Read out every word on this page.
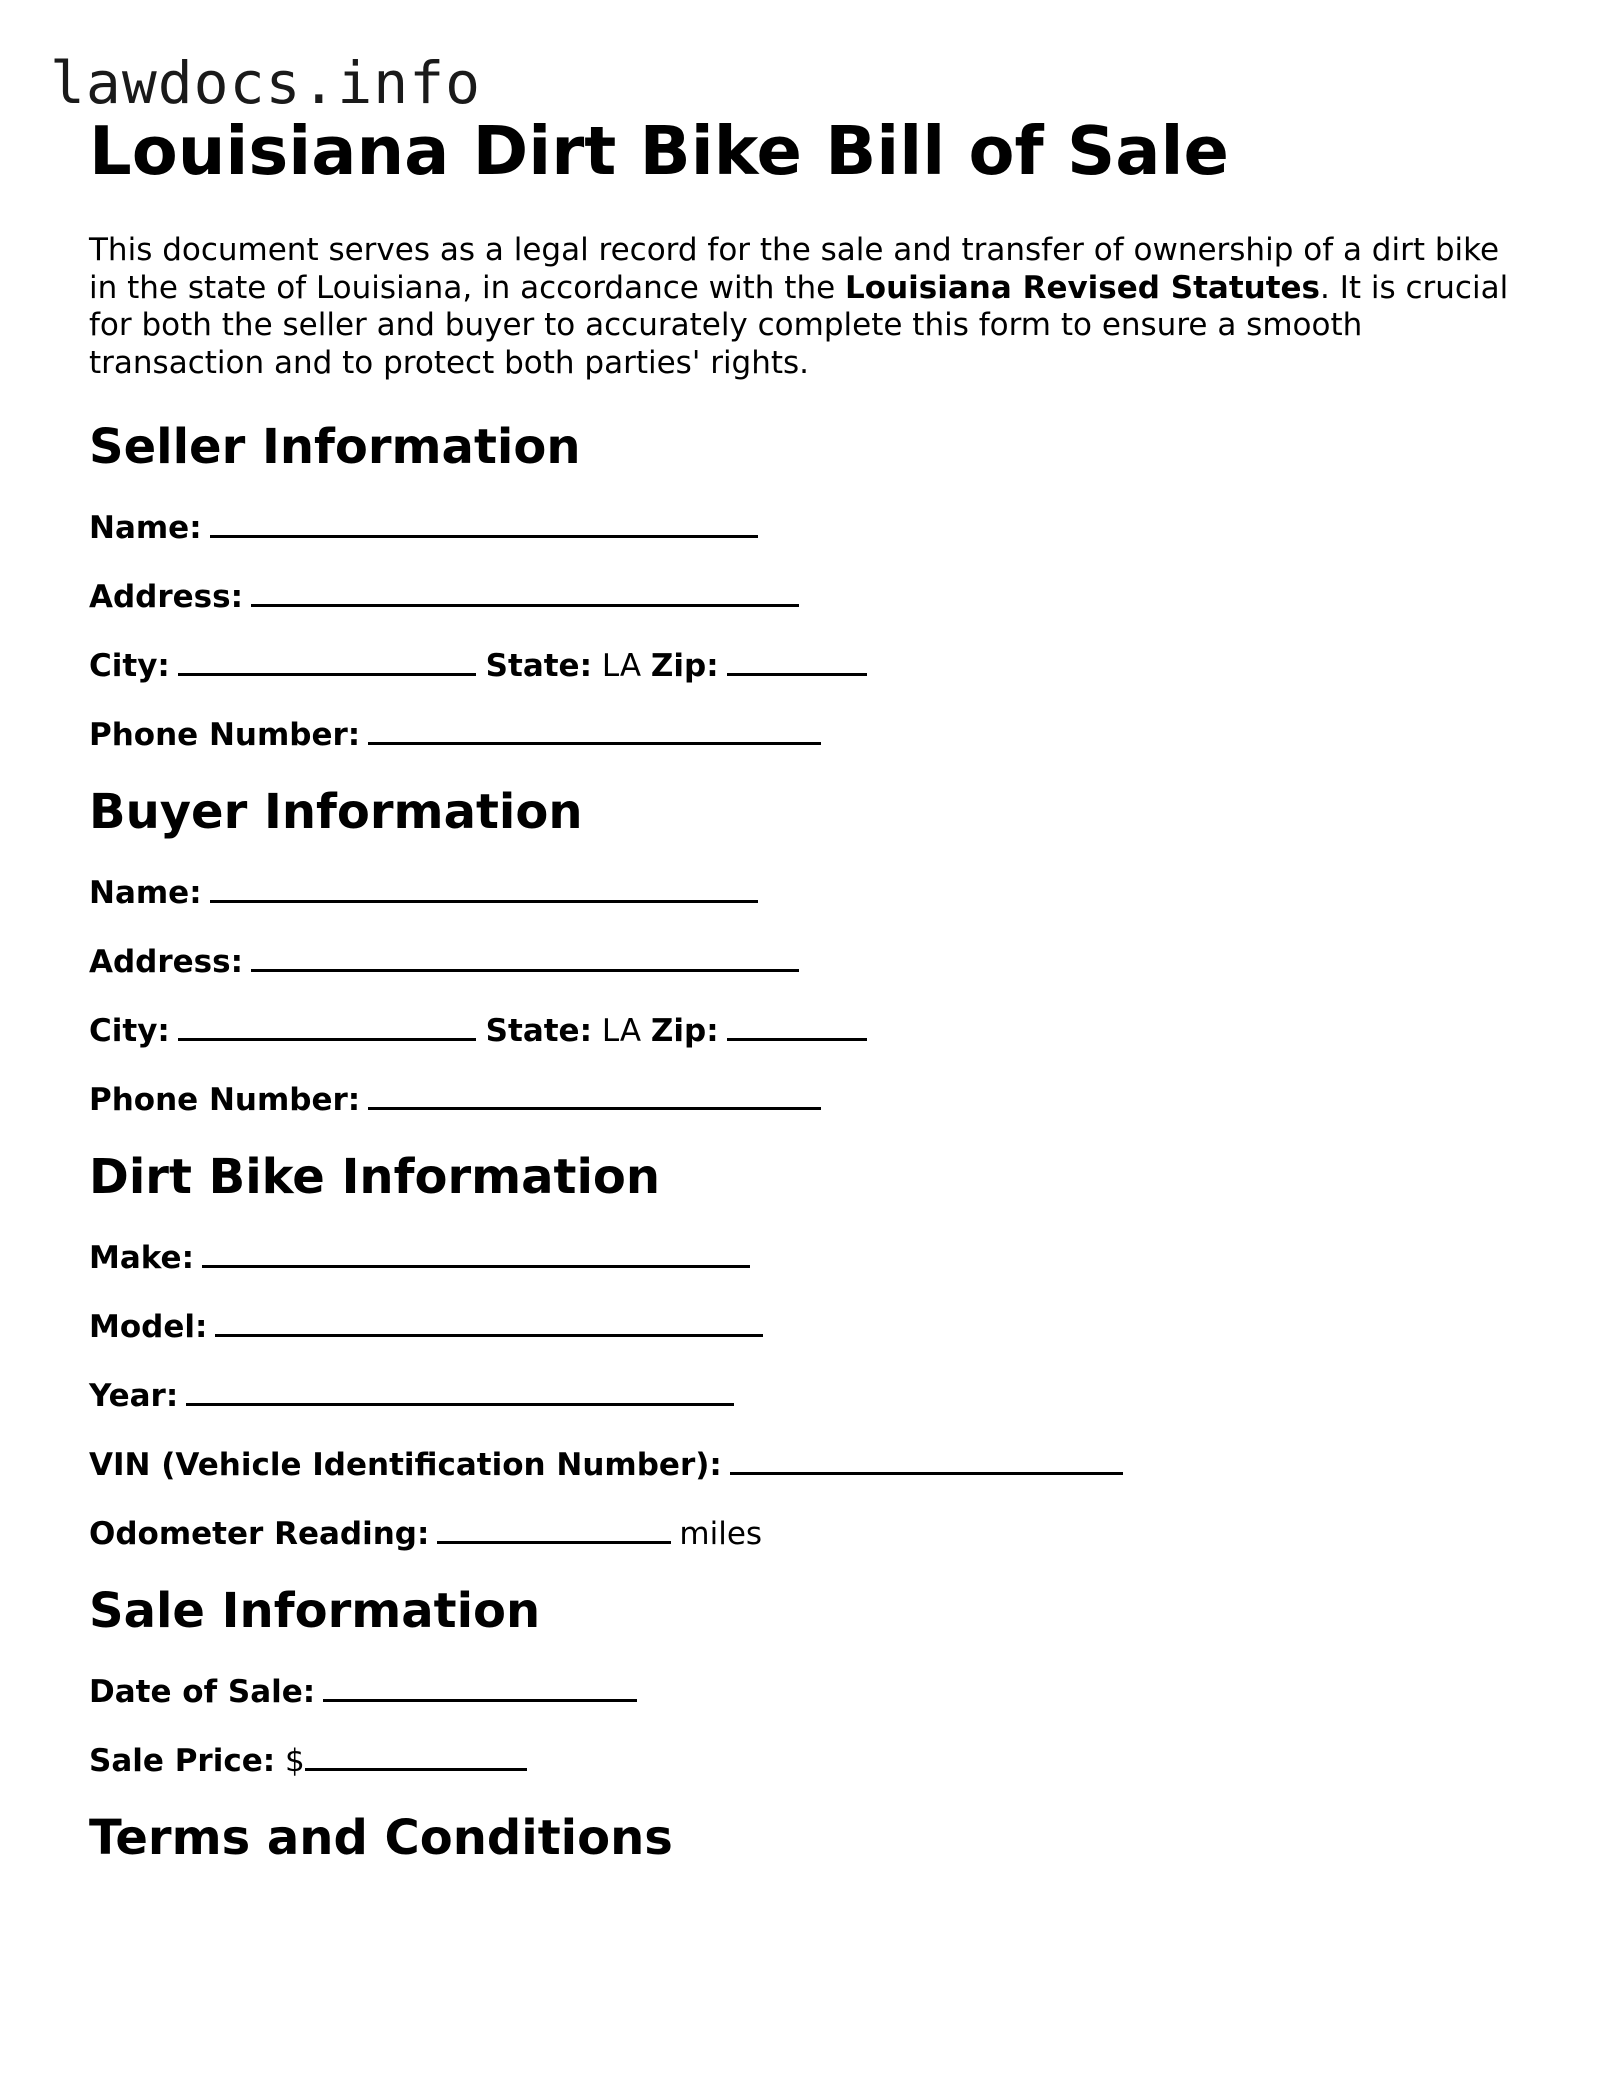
lawdocs.info
Louisiana Dirt Bike Bill of Sale

This document serves as a legal record for the sale and transfer of ownership of a dirt bike in the state of Louisiana, in accordance with the Louisiana Revised Statutes. It is crucial for both the seller and buyer to accurately complete this form to ensure a smooth transaction and to protect both parties' rights.

Seller Information
Name:
Address:
City:	State: LA Zip:
Phone Number:
Buyer Information
Name:
Address:
City:	State: LA Zip:
Phone Number:
Dirt Bike Information
Make:
Model:
Year:
VIN (Vehicle Identification Number):
Odometer Reading:	miles
Sale Information
Date of Sale:
Sale Price: $
Terms and Conditions
